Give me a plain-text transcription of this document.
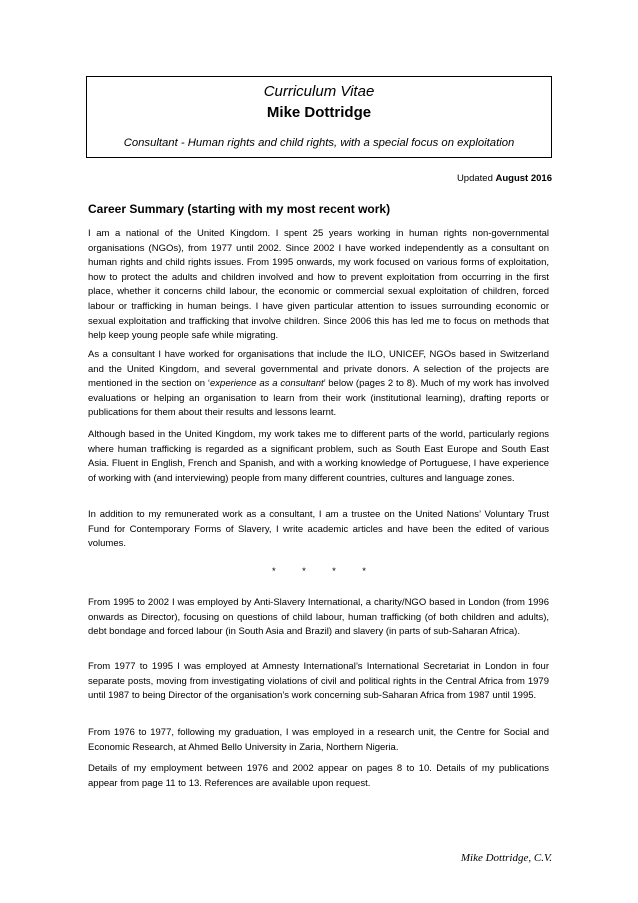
Curriculum Vitae
Mike Dottridge
Consultant - Human rights and child rights, with a special focus on exploitation
Updated August 2016
Career Summary (starting with my most recent work)

I am a national of the United Kingdom. I spent 25 years working in human rights non-governmental organisations (NGOs), from 1977 until 2002. Since 2002 I have worked independently as a consultant on human rights and child rights issues. From 1995 onwards, my work focused on various forms of exploitation, how to protect the adults and children involved and how to prevent exploitation from occurring in the first place, whether it concerns child labour, the economic or commercial sexual exploitation of children, forced labour or trafficking in human beings. I have given particular attention to issues surrounding economic or sexual exploitation and trafficking that involve children. Since 2006 this has led me to focus on methods that help keep young people safe while migrating.

As a consultant I have worked for organisations that include the ILO, UNICEF, NGOs based in Switzerland and the United Kingdom, and several governmental and private donors. A selection of the projects are mentioned in the section on ‘experience as a consultant’ below (pages 2 to 8). Much of my work has involved evaluations or helping an organisation to learn from their work (institutional learning), drafting reports or publications for them about their results and lessons learnt.

Although based in the United Kingdom, my work takes me to different parts of the world, particularly regions where human trafficking is regarded as a significant problem, such as South East Europe and South East Asia. Fluent in English, French and Spanish, and with a working knowledge of Portuguese, I have experience of working with (and interviewing) people from many different countries, cultures and language zones.

In addition to my remunerated work as a consultant, I am a trustee on the United Nations’ Voluntary Trust Fund for Contemporary Forms of Slavery, I write academic articles and have been the edited of various volumes.

*          *          *          *

From 1995 to 2002 I was employed by Anti-Slavery International, a charity/NGO based in London (from 1996 onwards as Director), focusing on questions of child labour, human trafficking (of both children and adults), debt bondage and forced labour (in South Asia and Brazil) and slavery (in parts of sub-Saharan Africa).

From 1977 to 1995 I was employed at Amnesty International’s International Secretariat in London in four separate posts, moving from investigating violations of civil and political rights in the Central Africa from 1979 until 1987 to being Director of the organisation’s work concerning sub-Saharan Africa from 1987 until 1995.

From 1976 to 1977, following my graduation, I was employed in a research unit, the Centre for Social and Economic Research, at Ahmed Bello University in Zaria, Northern Nigeria.

Details of my employment between 1976 and 2002 appear on pages 8 to 10. Details of my publications appear from page 11 to 13. References are available upon request.

Mike Dottridge, C.V.
